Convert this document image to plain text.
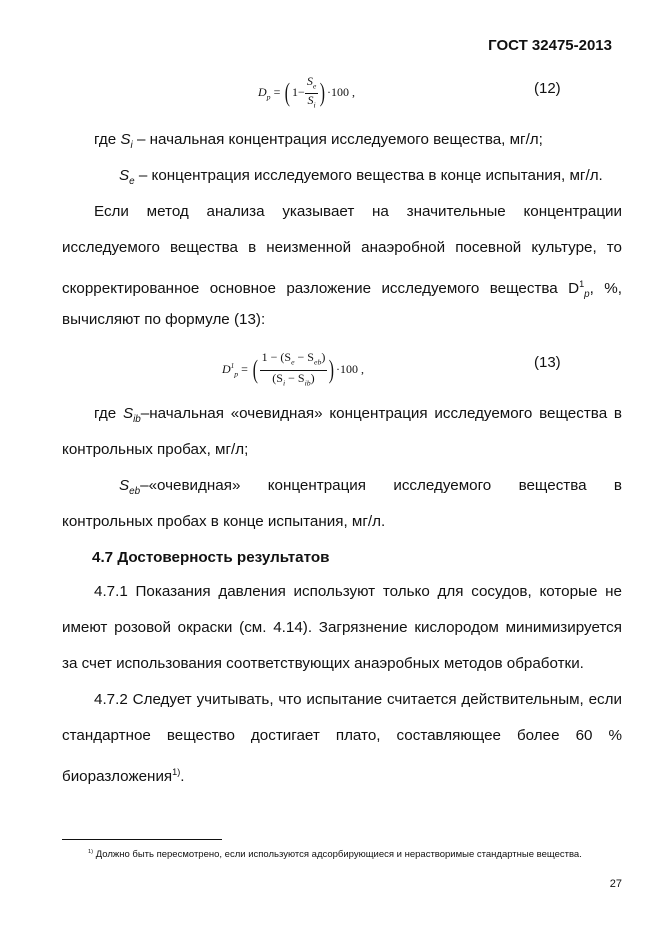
ГОСТ 32475-2013
$D_p$ = ( $1- \frac{S_e}{S_i}$ ) ·100 ,	(12)
где $S_i$ – начальная концентрация исследуемого вещества, мг/л;
$S_e$ – концентрация исследуемого вещества в конце испытания, мг/л.
Если метод анализа указывает на значительные концентрации исследуемого вещества в неизменной анаэробной посевной культуре, то скорректированное основное разложение исследуемого вещества $D^1_p$, %,
вычисляют по формуле (13):
$D^1_p$ = ( $\frac{1 - (S_e - S_{eb})}{(S_i - S_{ib})}$ ) ·100 ,	(13)
где $S_{ib}$–начальная «очевидная» концентрация исследуемого вещества в
контрольных пробах, мг/л;
$S_{eb}-«очевидная$» концентрация исследуемого вещества в
контрольных пробах в конце испытания, мг/л.
4.7 Достоверность результатов
4.7.1 Показания давления используют только для сосудов, которые не имеют розовой окраски (см. 4.14). Загрязнение кислородом минимизируется
за счет использования соответствующих анаэробных методов обработки.
4.7.2 Следует учитывать, что испытание считается действительным, если стандартное вещество достигает плато, составляющее более 60 %
биоразложения$^{1)}$.
$^{1)}$ Должно быть пересмотрено, если используются адсорбирующиеся и нерастворимые стандартные вещества.
27
